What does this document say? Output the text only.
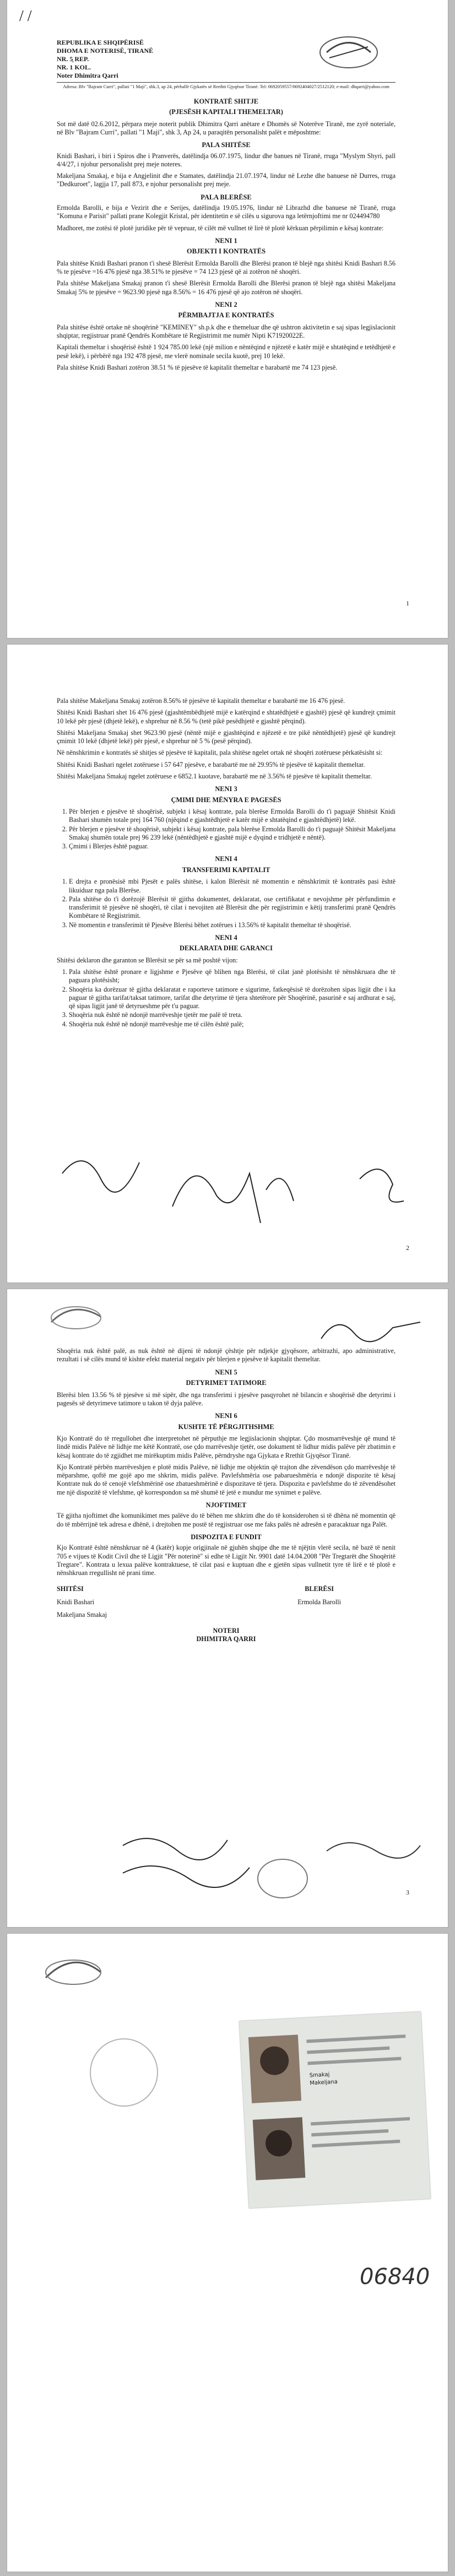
/ /
REPUBLIKA E SHQIPËRISË
DHOMA E NOTERISË, TIRANË
NR. 5̱ REP.
NR. 1 KOL.
Noter Dhimitra Qarri
Adresa: Blv "Bajram Curri", pallati "1 Maji", shk.3, ap 24, përballë Gjykatës së Rrethit Gjyqësor Tiranë. Tel: 0692059557/0692404027/2512120; e-mail: dhqarri@yahoo.com
KONTRATË SHITJE
(PJESËSH KAPITALI THEMELTAR)

Sot më datë 02.6.2012, përpara meje noterit publik Dhimitra Qarri anëtare e Dhomës së Noterëve Tiranë, me zyrë noteriale, në Blv "Bajram Curri", pallati "1 Maji", shk 3, Ap 24, u paraqitën personalisht palët e mëposhtme:

PALA SHITËSE

Knidi Bashari, i biri i Spiros dhe i Pranverës, datëlindja 06.07.1975, lindur dhe banues në Tiranë, rruga "Myslym Shyri, pall 4/4/27, i njohur personalisht prej meje noteres.

Makeljana Smakaj, e bija e Angjelinit dhe e Stamates, datëlindja 21.07.1974, lindur në Lezhe dhe banuese në Durres, rruga "Dedkuroet", lagjja 17, pall 873, e njohur personalisht prej meje.

PALA BLERËSE

Ermolda Barolli, e bija e Vezirit dhe e Serijes, datëlindja 19.05.1976, lindur në Librazhd dhe banuese në Tiranë, rruga "Komuna e Parisit" pallati prane Kolegjit Kristal, për identitetin e së cilës u sigurova nga letërnjoftimi me nr 024494780

Madhoret, me zotësi të plotë juridike për të vepruar, të cilët më vullnet të lirë të plotë kërkuan përpilimin e kësaj kontrate:

NENI 1
OBJEKTI I KONTRATËS

Pala shitëse Knidi Bashari pranon t'i shesë Blerësit Ermolda Barolli dhe Blerësi pranon të blejë nga shitësi Knidi Bashari 8.56 % te pjesëve =16 476 pjesë nga 38.51% te pjesëve = 74 123 pjesë që ai zotëron në shoqëri.

Pala shitëse Makeljana Smakaj pranon t'i shesë Blerësit Ermolda Barolli dhe Blerësi pranon të blejë nga shitësi Makeljana Smakaj 5% te pjesëve = 9623.90 pjesë nga 8.56% = 16 476 pjesë që ajo zotëron në shoqëri.

NENI 2
PËRMBAJTJA E KONTRATËS

Pala shitëse është ortake në shoqërinë "KEMINEY" sh.p.k dhe e themeluar dhe që ushtron aktivitetin e saj sipas legjislacionit shqiptar, regjistruar pranë Qendrës Kombëtare të Regjistrimit me numër Nipti K71920022E.

Kapitali themeltar i shoqërisë është 1 924 785.00 lekë (një milion e nëntëqind e njëzetë e katër mijë e shtatëqind e tetëdhjetë e pesë lekë), i përbërë nga 192 478 pjesë, me vlerë nominale secila kuotë, prej 10 lekë.

Pala shitëse Knidi Bashari zotëron 38.51 % të pjesëve të kapitalit themeltar e barabartë me 74 123 pjesë.

1

Pala shitëse Makeljana Smakaj zotëron 8.56% të pjesëve të kapitalit themeltar e barabartë me 16 476 pjesë.

Shitësi Knidi Bashari shet 16 476 pjesë (gjashtëmbëdhjetë mijë e katërqind e shtatëdhjetë e gjashtë) pjesë që kundrejt çmimit 10 lekë për pjesë (dhjetë lekë), e shprehur në 8.56 % (tetë pikë pesëdhjetë e gjashtë përqind).

Shitësi Makeljana Smakaj shet 9623.90 pjesë (nëntë mijë e gjashtëqind e njëzetë e tre pikë nëntëdhjetë) pjesë që kundrejt çmimit 10 lekë (dhjetë lekë) për pjesë, e shprehur në 5 % (pesë përqind).

Në nënshkrimin e kontratës së shitjes së pjesëve të kapitalit, pala shitëse ngelet ortak në shoqëri zotëruese përkatësisht si:

Shitësi Knidi Bashari ngelet zotëruese i 57 647 pjesëve, e barabartë me në 29.95% të pjesëve të kapitalit themeltar.

Shitësi Makeljana Smakaj ngelet zotëruese e 6852.1 kuotave, barabartë me në 3.56% të pjesëve të kapitalit themeltar.

NENI 3
ÇMIMI DHE MËNYRA E PAGESËS
1. Për blerjen e pjesëve të shoqërisë, subjekt i kësaj kontrate, pala blerëse Ermolda Barolli do t'i paguajë Shitësit Knidi Bashari shumën totale prej 164 760 (njëqind e gjashtëdhjetë e katër mijë e shtatëqind e gjashtëdhjetë) lekë.
2. Për blerjen e pjesëve të shoqërisë, subjekt i kësaj kontrate, pala blerëse Ermolda Barolli do t'i paguajë Shitësit Makeljana Smakaj shumën totale prej 96 239 lekë (nëntëdhjetë e gjashtë mijë e dyqind e tridhjetë e nëntë).
3. Çmimi i Blerjes është paguar.
NENI 4
TRANSFERIMI KAPITALIT
1. E drejta e pronësisë mbi Pjesët e palës shitëse, i kalon Blerësit në momentin e nënshkrimit të kontratës pasi është likuiduar nga pala Blerëse.
2. Pala shitëse do t'i dorëzojë Blerësit të gjitha dokumentet, deklaratat, ose certifikatat e nevojshme për përfundimin e transferimit të pjesëve në shoqëri, të cilat i nevojiten atë Blerësit dhe për regjistrimin e këtij transferimi pranë Qendrës Kombëtare të Regjistrimit.
3. Në momentin e transferimit të Pjesëve Blerësi bëhet zotërues i 13.56% të kapitalit themeltar të shoqërisë.
NENI 4
DEKLARATA DHE GARANCI

Shitësi deklaron dhe garanton se Blerësit se për sa më poshtë vijon:

1. Pala shitëse është pronare e ligjshme e Pjesëve që blihen nga Blerësi, të cilat janë plotësisht të nënshkruara dhe të paguara plotësisht;
2. Shoqëria ka dorëzuar të gjitha deklaratat e raporteve tatimore e sigurime, fatkeqësisë të dorëzohen sipas ligjit dhe i ka paguar të gjitha tarifat/taksat tatimore, tarifat dhe detyrime të tjera shtetërore për Shoqërinë, pasurinë e saj ardhurat e saj, që sipas ligjit janë të detyrueshme për t'u paguar.
3. Shoqëria nuk është në ndonjë marrëveshje tjetër me palë të treta.
4. Shoqëria nuk është në ndonjë marrëveshje me të cilën është palë;
2

Shoqëria nuk është palë, as nuk është në dijeni të ndonjë çështje për ndjekje gjyqësore, arbitrazhi, apo administrative, rezultati i së cilës mund të kishte efekt material negativ për blerjen e pjesëve të kapitalit themeltar.

NENI 5
DETYRIMET TATIMORE

Blerësi blen 13.56 % të pjesëve si më sipër, dhe nga transferimi i pjesëve pasqyrohet në bilancin e shoqërisë dhe detyrimi i pagesës së detyrimeve tatimore u takon të dyja palëve.

NENI 6
KUSHTE TË PËRGJITHSHME

Kjo Kontratë do të rregullohet dhe interpretohet në përputhje me legjislacionin shqiptar. Çdo mosmarrëveshje që mund të lindë midis Palëve në lidhje me këtë Kontratë, ose çdo marrëveshje tjetër, ose dokument të lidhur midis palëve për zbatimin e kësaj kontrate do të zgjidhet me mirëkuptim midis Palëve, përndryshe nga Gjykata e Rrethit Gjyqësor Tiranë.

Kjo Kontratë përbën marrëveshjen e plotë midis Palëve, në lidhje me objektin që trajton dhe zëvendëson çdo marrëveshje të mëparshme, qoftë me gojë apo me shkrim, midis palëve. Pavlefshmëria ose pabarueshmëria e ndonjë dispozite të kësaj Kontrate nuk do të cenojë vlefshmërinë ose zbatueshmërinë e dispozitave të tjera. Dispozita e pavlefshme do të zëvendësohet me një dispozitë të vlefshme, që korrespondon sa më shumë të jetë e mundur me synimet e palëve.

NJOFTIMET

Të gjitha njoftimet dhe komunikimet mes palëve do të bëhen me shkrim dhe do të konsiderohen si të dhëna në momentin që do të mbërrijnë tek adresa e dhënë, i drejtohen me postë të regjistruar ose me faks palës në adresën e paracaktuar nga Palët.

DISPOZITA E FUNDIT

Kjo Kontratë është nënshkruar në 4 (katër) kopje origjinale në gjuhën shqipe dhe me të njëjtin vlerë secila, në bazë të nenit 705 e vijues të Kodit Civil dhe të Ligjit "Për noterinë" si edhe të Ligjit Nr. 9901 datë 14.04.2008 "Për Tregtarët dhe Shoqëritë Tregtare". Kontrata u lexua palëve kontraktuese, të cilat pasi e kuptuan dhe e gjetën sipas vullnetit tyre të lirë e të plotë e nënshkruan rregullisht në prani time.

SHITËSI
Knidi Bashari
Makeljana Smakaj
BLERËSI
Ermolda Barolli
NOTERI
DHIMITRA QARRI
3
Smakaj
Makeljana
06840
